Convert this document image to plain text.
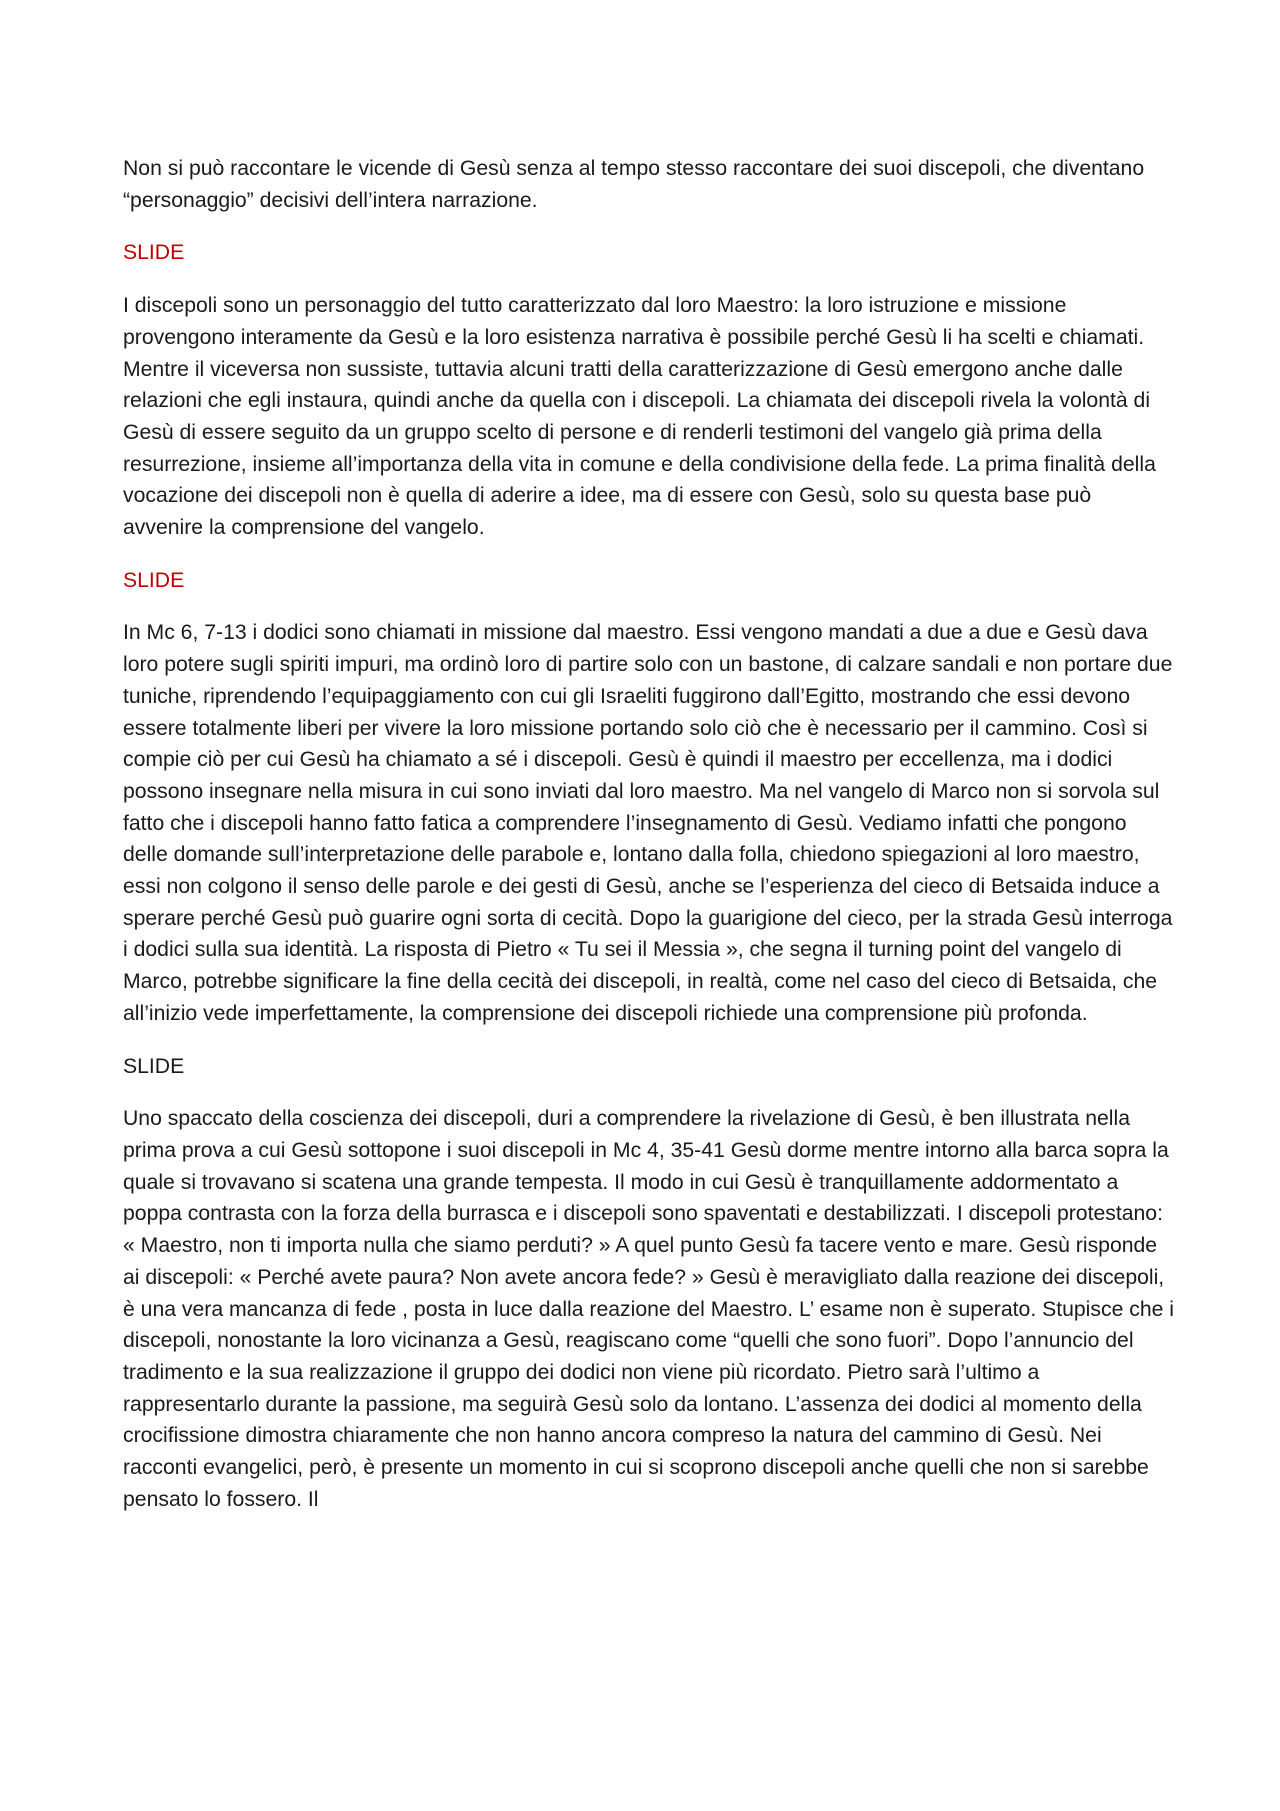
Non si può raccontare le vicende di Gesù senza al tempo stesso raccontare dei suoi discepoli, che diventano “personaggio” decisivi dell’intera narrazione.

SLIDE

I discepoli sono un personaggio del tutto caratterizzato dal loro Maestro: la loro istruzione e missione provengono interamente da Gesù e la loro esistenza narrativa è possibile perché Gesù li ha scelti e chiamati. Mentre il viceversa non sussiste, tuttavia alcuni tratti della caratterizzazione di Gesù emergono anche dalle relazioni che egli instaura, quindi anche da quella con i discepoli. La chiamata dei discepoli rivela la volontà di Gesù di essere seguito da un gruppo scelto di persone e di renderli testimoni del vangelo già prima della resurrezione, insieme all’importanza della vita in comune e della condivisione della fede. La prima finalità della vocazione dei discepoli non è quella di aderire a idee, ma di essere con Gesù, solo su questa base può avvenire la comprensione del vangelo.

SLIDE

In Mc 6, 7-13 i dodici sono chiamati in missione dal maestro. Essi vengono mandati a due a due e Gesù dava loro potere sugli spiriti impuri, ma ordinò loro di partire solo con un bastone, di calzare sandali e non portare due tuniche, riprendendo l’equipaggiamento con cui gli Israeliti fuggirono dall’Egitto, mostrando che essi devono essere totalmente liberi per vivere la loro missione portando solo ciò che è necessario per il cammino. Così si compie ciò per cui Gesù ha chiamato a sé i discepoli. Gesù è quindi il maestro per eccellenza, ma i dodici possono insegnare nella misura in cui sono inviati dal loro maestro. Ma nel vangelo di Marco non si sorvola sul fatto che i discepoli hanno fatto fatica a comprendere l’insegnamento di Gesù. Vediamo infatti che pongono delle domande sull’interpretazione delle parabole e, lontano dalla folla, chiedono spiegazioni al loro maestro, essi non colgono il senso delle parole e dei gesti di Gesù, anche se l’esperienza del cieco di Betsaida induce a sperare perché Gesù può guarire ogni sorta di cecità. Dopo la guarigione del cieco, per la strada Gesù interroga i dodici sulla sua identità. La risposta di Pietro « Tu sei il Messia », che segna il turning point del vangelo di Marco, potrebbe significare la fine della cecità dei discepoli, in realtà, come nel caso del cieco di Betsaida, che all’inizio vede imperfettamente, la comprensione dei discepoli richiede una comprensione più profonda.

SLIDE

Uno spaccato della coscienza dei discepoli, duri a comprendere la rivelazione di Gesù, è ben illustrata nella prima prova a cui Gesù sottopone i suoi discepoli in Mc 4, 35-41 Gesù dorme mentre intorno alla barca sopra la quale si trovavano si scatena una grande tempesta. Il modo in cui Gesù è tranquillamente addormentato a poppa contrasta con la forza della burrasca e i discepoli sono spaventati e destabilizzati. I discepoli protestano: « Maestro, non ti importa nulla che siamo perduti? » A quel punto Gesù fa tacere vento e mare. Gesù risponde ai discepoli: « Perché avete paura? Non avete ancora fede? » Gesù è meravigliato dalla reazione dei discepoli, è una vera mancanza di fede , posta in luce dalla reazione del Maestro. L’ esame non è superato. Stupisce che i discepoli, nonostante la loro vicinanza a Gesù, reagiscano come “quelli che sono fuori”. Dopo l’annuncio del tradimento e la sua realizzazione il gruppo dei dodici non viene più ricordato. Pietro sarà l’ultimo a rappresentarlo durante la passione, ma seguirà Gesù solo da lontano. L’assenza dei dodici al momento della crocifissione dimostra chiaramente che non hanno ancora compreso la natura del cammino di Gesù. Nei racconti evangelici, però, è presente un momento in cui si scoprono discepoli anche quelli che non si sarebbe pensato lo fossero. Il
